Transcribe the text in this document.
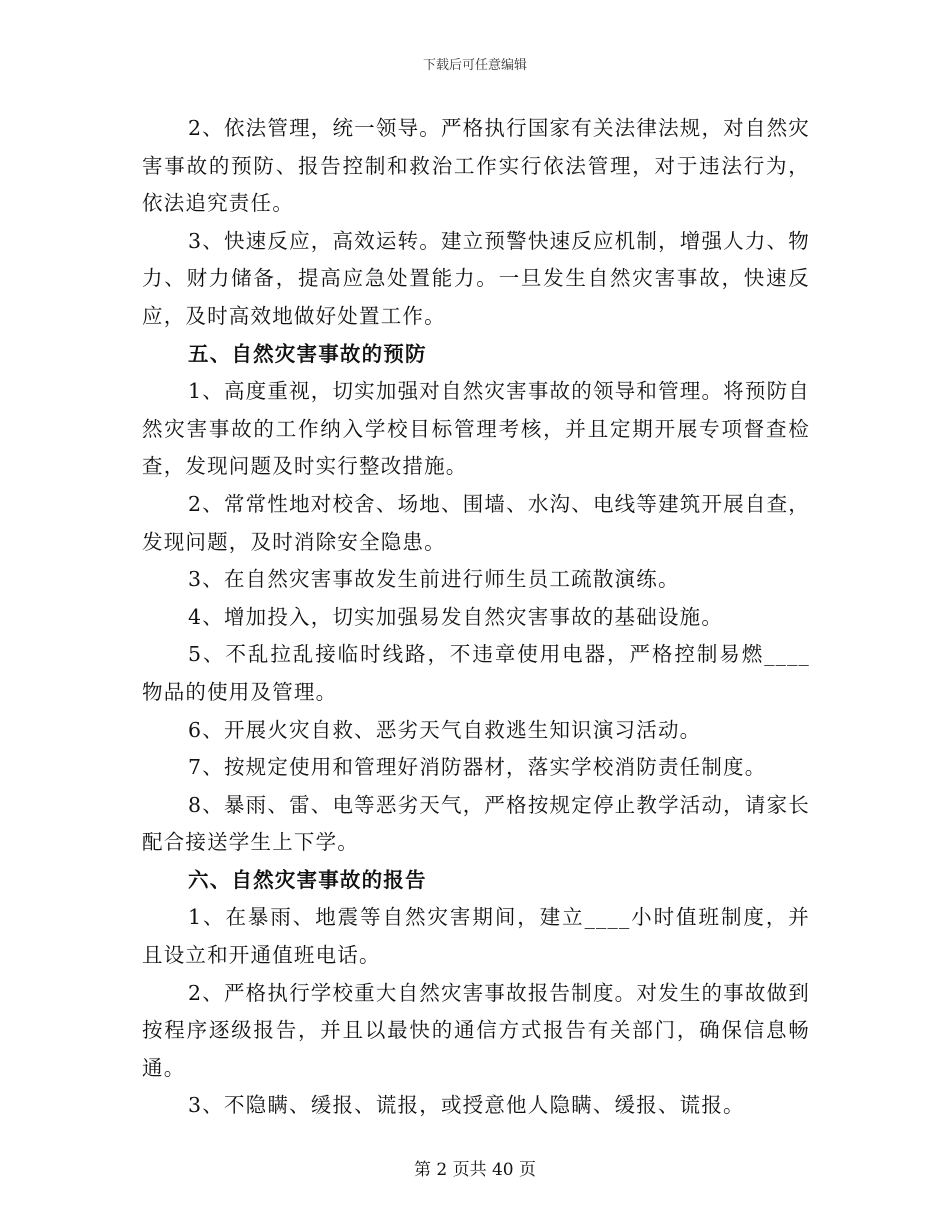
下载后可任意编辑

2、依法管理，统一领导。严格执行国家有关法律法规，对自然灾害事故的预防、报告控制和救治工作实行依法管理，对于违法行为，依法追究责任。

3、快速反应，高效运转。建立预警快速反应机制，增强人力、物力、财力储备，提高应急处置能力。一旦发生自然灾害事故，快速反应，及时高效地做好处置工作。

五、自然灾害事故的预防

1、高度重视，切实加强对自然灾害事故的领导和管理。将预防自然灾害事故的工作纳入学校目标管理考核，并且定期开展专项督查检查，发现问题及时实行整改措施。

2、常常性地对校舍、场地、围墙、水沟、电线等建筑开展自查，发现问题，及时消除安全隐患。

3、在自然灾害事故发生前进行师生员工疏散演练。

4、增加投入，切实加强易发自然灾害事故的基础设施。

5、不乱拉乱接临时线路，不违章使用电器，严格控制易燃____物品的使用及管理。

6、开展火灾自救、恶劣天气自救逃生知识演习活动。

7、按规定使用和管理好消防器材，落实学校消防责任制度。

8、暴雨、雷、电等恶劣天气，严格按规定停止教学活动，请家长配合接送学生上下学。

六、自然灾害事故的报告

1、在暴雨、地震等自然灾害期间，建立____小时值班制度，并且设立和开通值班电话。

2、严格执行学校重大自然灾害事故报告制度。对发生的事故做到按程序逐级报告，并且以最快的通信方式报告有关部门，确保信息畅通。

3、不隐瞒、缓报、谎报，或授意他人隐瞒、缓报、谎报。

第 2 页共 40 页
